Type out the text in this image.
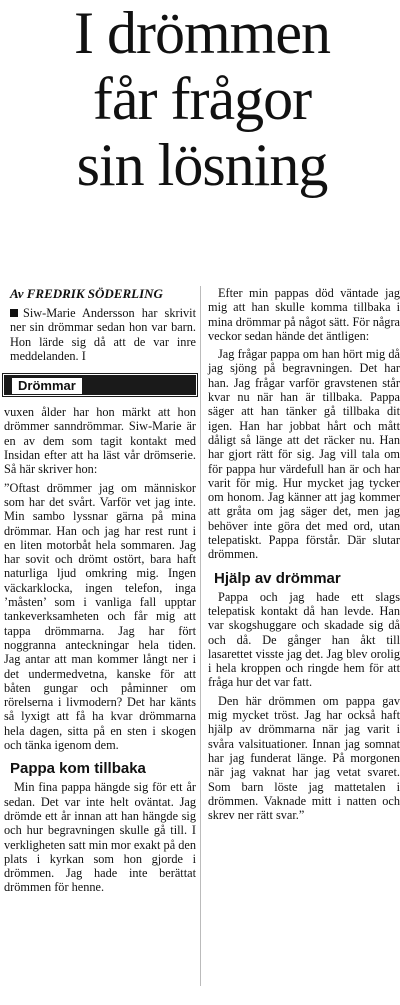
I drömmen
får frågor
sin lösning
Av FREDRIK SÖDERLING

Siw-Marie Andersson har skrivit ner sin drömmar sedan hon var barn. Hon lärde sig då att de var inre meddelanden. I

Drömmar

vuxen ålder har hon märkt att hon drömmer sanndrömmar. Siw-Marie är en av dem som tagit kontakt med Insidan efter att ha läst vår drömserie. Så här skriver hon:

”Oftast drömmer jag om människor som har det svårt. Varför vet jag inte. Min sambo lyssnar gärna på mina drömmar. Han och jag har rest runt i en liten motorbåt hela sommaren. Jag har sovit och drömt ostört, bara haft naturliga ljud omkring mig. Ingen väckarklocka, ingen telefon, inga ’måsten’ som i vanliga fall upptar tankeverksamheten och får mig att tappa drömmarna. Jag har fört noggranna anteckningar hela tiden. Jag antar att man kommer långt ner i det undermedvetna, kanske för att båten gungar och påminner om rörelserna i livmodern? Det har känts så lyxigt att få ha kvar drömmarna hela dagen, sitta på en sten i skogen och tänka igenom dem.

Pappa kom tillbaka

Min fina pappa hängde sig för ett år sedan. Det var inte helt oväntat. Jag drömde ett år innan att han hängde sig och hur begravningen skulle gå till. I verkligheten satt min mor exakt på den plats i kyrkan som hon gjorde i drömmen. Jag hade inte berättat drömmen för henne.

Efter min pappas död väntade jag mig att han skulle komma tillbaka i mina drömmar på något sätt. För några veckor sedan hände det äntligen:

Jag frågar pappa om han hört mig då jag sjöng på begravningen. Det har han. Jag frågar varför gravstenen står kvar nu när han är tillbaka. Pappa säger att han tänker gå tillbaka dit igen. Han har jobbat hårt och mått dåligt så länge att det räcker nu. Han har gjort rätt för sig. Jag vill tala om för pappa hur värdefull han är och har varit för mig. Hur mycket jag tycker om honom. Jag känner att jag kommer att gråta om jag säger det, men jag behöver inte göra det med ord, utan telepatiskt. Pappa förstår. Där slutar drömmen.

Hjälp av drömmar

Pappa och jag hade ett slags telepatisk kontakt då han levde. Han var skogshuggare och skadade sig då och då. De gånger han åkt till lasarettet visste jag det. Jag blev orolig i hela kroppen och ringde hem för att fråga hur det var fatt.

Den här drömmen om pappa gav mig mycket tröst. Jag har också haft hjälp av drömmarna när jag varit i svåra valsituationer. Innan jag somnat har jag funderat länge. På morgonen när jag vaknat har jag vetat svaret. Som barn löste jag mattetalen i drömmen. Vaknade mitt i natten och skrev ner rätt svar.”
